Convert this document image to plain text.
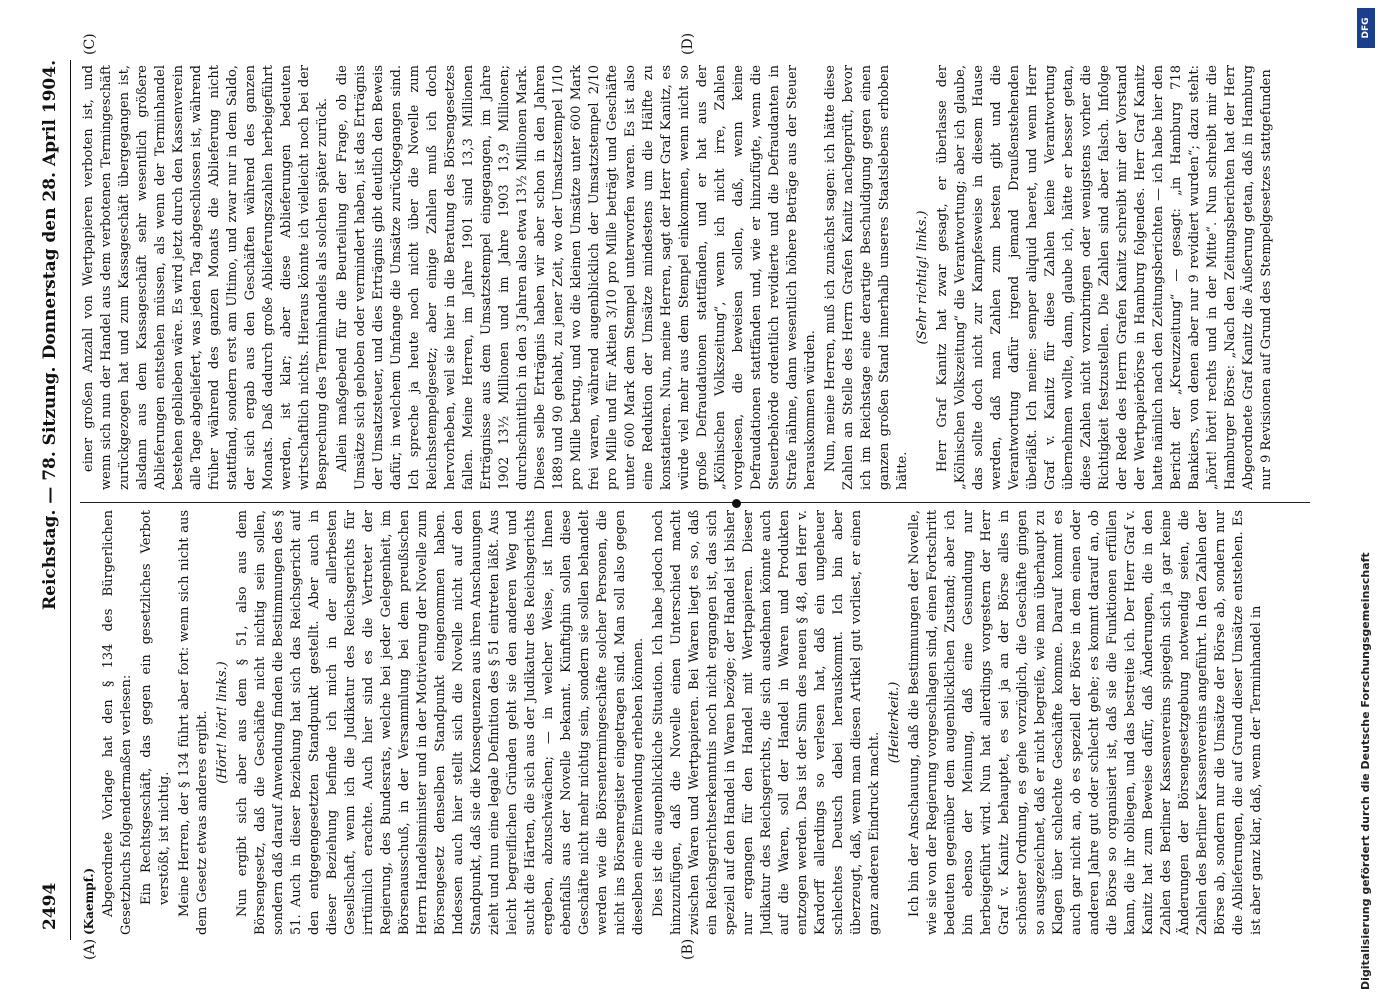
2494
Reichstag. — 78. Sitzung.
Donnerstag den 28. April 1904.
(A)	(B)
(C)	(D)

(Kaempf.) Abgeordnete Vorlage hat den § 134 des Bürgerlichen Gesetzbuchs folgendermaßen verlesen: Ein Rechtsgeschäft, das gegen ein gesetzliches Verbot verstößt, ist nichtig. Meine Herren, der § 134 führt aber fort: wenn sich nicht aus dem Gesetz etwas anderes ergibt. (Hört! hört! links.) Nun ergibt sich aber aus dem § 51, also aus dem Börsengesetz, daß die Geschäfte nicht nichtig sein sollen, sondern daß darauf Anwendung finden die Bestimmungen des § 51. Auch in dieser Beziehung hat sich das Reichsgericht auf den entgegengesetzten Standpunkt gestellt. Aber auch in dieser Beziehung befinde ich mich in der allerbesten Gesellschaft, wenn ich die Judikatur des Reichsgerichts für irrtümlich erachte. Auch hier sind es die Vertreter der Regierung, des Bundesrats, welche bei jeder Gelegenheit, im Börsenausschuß, in der Versammlung bei dem preußischen Herrn Handelsminister und in der Motivierung der Novelle zum Börsengesetz denselben Standpunkt eingenommen haben. Indessen auch hier stellt sich die Novelle nicht auf den Standpunkt, daß sie die Konsequenzen aus ihren Anschauungen zieht und nun eine legale Definition des § 51 eintreten läßt. Aus leicht begreiflichen Gründen geht sie den anderen Weg und sucht die Härten, die sich aus der Judikatur des Reichsgerichts ergeben, abzuschwächen; — in welcher Weise, ist Ihnen ebenfalls aus der Novelle bekannt. Künftighin sollen diese Geschäfte nicht mehr nichtig sein, sondern sie sollen behandelt werden wie die Börsentermingeschäfte solcher Personen, die nicht ins Börsenregister eingetragen sind. Man soll also gegen dieselben eine Einwendung erheben können. Dies ist die augenblickliche Situation. Ich habe jedoch noch hinzuzufügen, daß die Novelle einen Unterschied macht zwischen Waren und Wertpapieren. Bei Waren liegt es so, daß ein Reichsgerichtserkenntnis noch nicht ergangen ist, das sich speziell auf den Handel in Waren bezöge; der Handel ist bisher nur ergangen für den Handel mit Wertpapieren. Dieser Judikatur des Reichsgerichts, die sich ausdehnen könnte auch auf die Waren, soll der Handel in Waren und Produkten entzogen werden. Das ist der Sinn des neuen § 48, den Herr v. Kardorff allerdings so verlesen hat, daß ein ungeheuer schlechtes Deutsch dabei herauskommt. Ich bin aber überzeugt, daß, wenn man diesen Artikel gut vorliest, er einen ganz anderen Eindruck macht.

(Heiterkeit.) Ich bin der Anschauung, daß die Bestimmungen der Novelle, wie sie von der Regierung vorgeschlagen sind, einen Fortschritt bedeuten gegenüber dem augenblicklichen Zustand; aber ich bin ebenso der Meinung, daß eine Gesundung nur herbeigeführt wird. Nun hat allerdings vorgestern der Herr Graf v. Kanitz behauptet, es sei ja an der Börse alles in schönster Ordnung, es gehe vorzüglich, die Geschäfte gingen so ausgezeichnet, daß er nicht begreife, wie man überhaupt zu Klagen über schlechte Geschäfte komme. Darauf kommt es auch gar nicht an, ob es speziell der Börse in dem einen oder anderen Jahre gut oder schlecht gehe; es kommt darauf an, ob die Börse so organisiert ist, daß sie die Funktionen erfüllen kann, die ihr obliegen, und das bestreite ich. Der Herr Graf v. Kanitz hat zum Beweise dafür, daß Änderungen, die in den Zahlen des Berliner Kassenvereins spiegeln sich ja gar keine Änderungen der Börsengesetzgebung notwendig seien, die Zahlen des Berliner Kassenvereins angeführt. In den Zahlen der Börse ab, sondern nur die Umsätze der Börse ab, sondern nur die Ablieferungen, die auf Grund dieser Umsätze entstehen. Es ist aber ganz klar, daß, wenn der Terminhandel in

einer großen Anzahl von Wertpapieren verboten ist, und wenn sich nun der Handel aus dem verbotenen Termingeschäft zurückgezogen hat und zum Kassageschäft übergegangen ist, alsdann aus dem Kassageschäft sehr wesentlich größere Ablieferungen entstehen müssen, als wenn der Terminhandel bestehen geblieben wäre. Es wird jetzt durch den Kassenverein alle Tage abgeliefert, was jeden Tag abgeschlossen ist, während früher während des ganzen Monats die Ablieferung nicht stattfand, sondern erst am Ultimo, und zwar nur in dem Saldo, der sich ergab aus den Geschäften während des ganzen Monats. Daß dadurch große Ablieferungszahlen herbeigeführt werden, ist klar; aber diese Ablieferungen bedeuten wirtschaftlich nichts. Hieraus könnte ich vielleicht noch bei der Besprechung des Terminhandels als solchen später zurück. Allein maßgebend für die Beurteilung der Frage, ob die Umsätze sich gehoben oder vermindert haben, ist das Erträgnis der Umsatzsteuer, und dies Erträgnis gibt deutlich den Beweis dafür, in welchem Umfange die Umsätze zurückgegangen sind. Ich spreche ja heute noch nicht über die Novelle zum Reichsstempelgesetz; aber einige Zahlen muß ich doch hervorheben, weil sie hier in die Beratung des Börsengesetzes fallen. Meine Herren, im Jahre 1901 sind 13,3 Millionen Erträgnisse aus dem Umsatzstempel eingegangen, im Jahre 1902 13½ Millionen und im Jahre 1903 13,9 Millionen; durchschnittlich in den 3 Jahren also etwa 13½ Millionen Mark. Dieses selbe Erträgnis haben wir aber schon in den Jahren 1889 und 90 gehabt, zu jener Zeit, wo der Umsatzstempel 1/10 pro Mille betrug, und wo die kleinen Umsätze unter 600 Mark frei waren, während augenblicklich der Umsatzstempel 2/10 pro Mille und für Aktien 3/10 pro Mille beträgt und Geschäfte unter 600 Mark dem Stempel unterworfen waren. Es ist also eine Reduktion der Umsätze mindestens um die Hälfte zu konstatieren. Nun, meine Herren, sagt der Herr Graf Kanitz, es würde viel mehr aus dem Stempel einkommen, wenn nicht so große Defraudationen stattfänden, und er hat aus der „Kölnischen Volkszeitung“, wenn ich nicht irre, Zahlen vorgelesen, die beweisen sollen, daß, wenn keine Defraudationen stattfänden und, wie er hinzufügte, wenn die Steuerbehörde ordentlich revidierte und die Defraudanten in Strafe nähme, dann wesentlich höhere Beträge aus der Steuer herauskommen würden. Nun, meine Herren, muß ich zunächst sagen: ich hätte diese Zahlen an Stelle des Herrn Grafen Kanitz nachgeprüft, bevor ich im Reichstage eine derartige Beschuldigung gegen einen ganzen großen Stand innerhalb unseres Staatslebens erhoben hätte.

(Sehr richtig! links.) Herr Graf Kanitz hat zwar gesagt, er überlasse der „Kölnischen Volkszeitung“ die Verantwortung; aber ich glaube, das sollte doch nicht zur Kampfesweise in diesem Hause werden, daß man Zahlen zum besten gibt und die Verantwortung dafür irgend jemand Draußenstehenden überläßt. Ich meine: semper aliquid haeret, und wenn Herr Graf v. Kanitz für diese Zahlen keine Verantwortung übernehmen wollte, dann, glaube ich, hätte er besser getan, diese Zahlen nicht vorzubringen oder wenigstens vorher die Richtigkeit festzustellen. Die Zahlen sind aber falsch. Infolge der Rede des Herrn Grafen Kanitz schreibt mir der Vorstand der Wertpapierbörse in Hamburg folgendes. Herr Graf Kanitz hatte nämlich nach den Zeitungsberichten — ich habe hier den Bericht der „Kreuzzeitung“ — gesagt: „in Hamburg 718 Bankiers, von denen aber nur 9 revidiert wurden“; dazu steht: „hört! hört! rechts und in der Mitte“. Nun schreibt mir die Hamburger Börse: „Nach den Zeitungsberichten hat der Herr Abgeordnete Graf Kanitz die Äußerung getan, daß in Hamburg nur 9 Revisionen auf Grund des Stempelgesetzes stattgefunden

Digitalisierung gefördert durch die Deutsche Forschungsgemeinschaft
DFG
